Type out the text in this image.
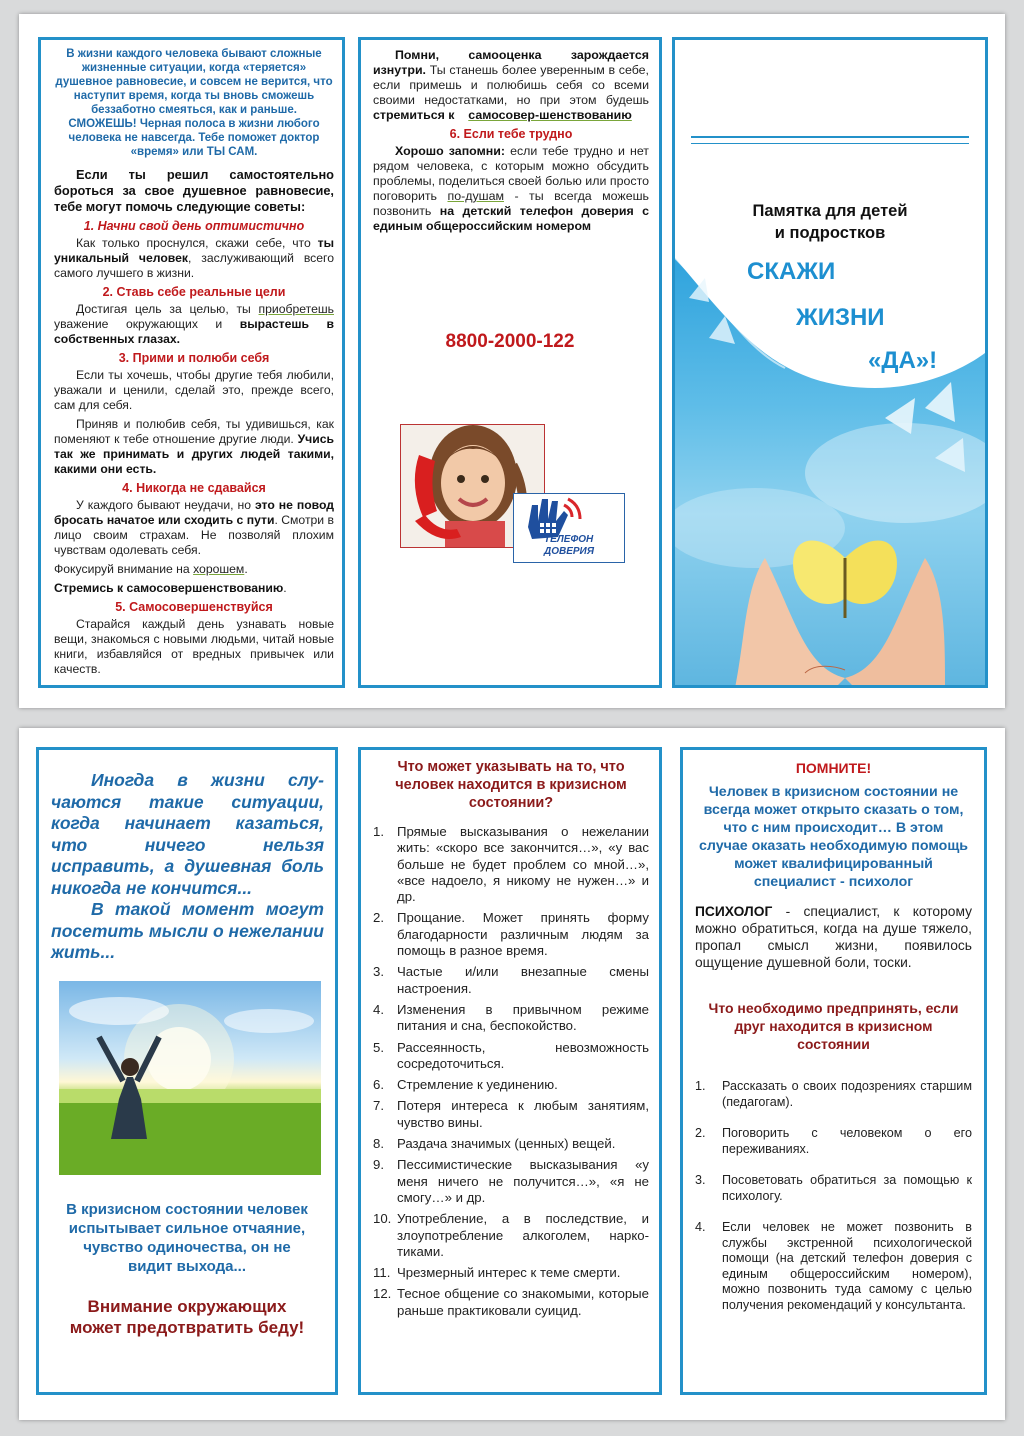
В жизни каждого человека бывают сложные жизненные ситуации, когда «теряется» душевное равновесие, и совсем не верится, что наступит время, когда ты вновь сможешь беззаботно смеяться, как и раньше.

СМОЖЕШЬ! Черная полоса в жизни любого человека не навсегда. Тебе поможет доктор «время» или ТЫ САМ.

Если ты решил самостоятельно бороться за свое душевное равновесие, тебе могут помочь следующие советы:

1. Начни свой день оптимистично

Как только проснулся, скажи себе, что ты уникальный человек, заслуживающий всего самого лучшего в жизни.

2. Ставь себе реальные цели

Достигая цель за целью, ты приобретешь уважение окружающих и вырастешь в собственных глазах.

3. Прими и полюби себя

Если ты хочешь, чтобы другие тебя любили, уважали и ценили, сделай это, прежде всего, сам для себя.

Приняв и полюбив себя, ты удивишься, как поменяют к тебе отношение другие люди. Учись так же принимать и других людей такими, какими они есть.

4. Никогда не сдавайся

У каждого бывают неудачи, но это не повод бросать начатое или сходить с пути. Смотри в лицо своим страхам. Не позволяй плохим чувствам одолевать себя.

Фокусируй внимание на хорошем.

Стремись к самосовершенствованию.

5. Самосовершенствуйся

Старайся каждый день узнавать новые вещи, знакомься с новыми людьми, читай новые книги, избавляйся от вредных привычек или качеств.

Помни, самооценка зарождается изнутри. Ты станешь более уверенным в себе, если примешь и полюбишь себя со всеми своими недостатками, но при этом будешь стремиться к самосовер-шенствованию

6. Если тебе трудно

Хорошо запомни: если тебе трудно и нет рядом человека, с которым можно обсудить проблемы, поделиться своей болью или просто поговорить по-душам - ты всегда можешь позвонить на детский телефон доверия с единым общероссийским номером

8800-2000-122
ТЕЛЕФОН
ДОВЕРИЯ
Памятка для детей
и подростков
СКАЖИ
ЖИЗНИ
«ДА»!

Иногда в жизни слу-чаются такие ситуации, когда начинает казаться, что ничего нельзя исправить, а душевная боль никогда не кончится...

В такой момент могут посетить мысли о нежелании жить...

В кризисном состоянии человек испытывает сильное отчаяние, чувство одиночества, он не видит выхода...

Внимание окружающих может предотвратить беду!

Что может указывать на то, что человек находится в кризисном состоянии?

1. Прямые высказывания о нежелании жить: «скоро все закончится…», «у вас больше не будет проблем со мной…», «все надоело, я никому не нужен…» и др.
2. Прощание. Может принять форму благодарности различным людям за помощь в разное время.
3. Частые и/или внезапные смены настроения.
4. Изменения в привычном режиме питания и сна, беспокойство.
5. Рассеянность, невозможность сосредоточиться.
6. Стремление к уединению.
7. Потеря интереса к любым занятиям, чувство вины.
8. Раздача значимых (ценных) вещей.
9. Пессимистические высказывания «у меня ничего не получится…», «я не смогу…» и др.
10. Употребление, а в последствие, и злоупотребление алкоголем, нарко-тиками.
11. Чрезмерный интерес к теме смерти.
12. Тесное общение со знакомыми, которые раньше практиковали суицид.

ПОМНИТЕ!

Человек в кризисном состоянии не всегда может открыто сказать о том, что с ним происходит… В этом случае оказать необходимую помощь может квалифицированный специалист - психолог

ПСИХОЛОГ - специалист, к которому можно обратиться, когда на душе тяжело, пропал смысл жизни, появилось ощущение душевной боли, тоски.

Что необходимо предпринять, если друг находится в кризисном состоянии

1. Рассказать о своих подозрениях старшим (педагогам).
2. Поговорить с человеком о его переживаниях.
3. Посоветовать обратиться за помощью к психологу.
4. Если человек не может позвонить в службы экстренной психологической помощи (на детский телефон доверия с единым общероссийским номером), можно позвонить туда самому с целью получения рекомендаций у консультанта.
